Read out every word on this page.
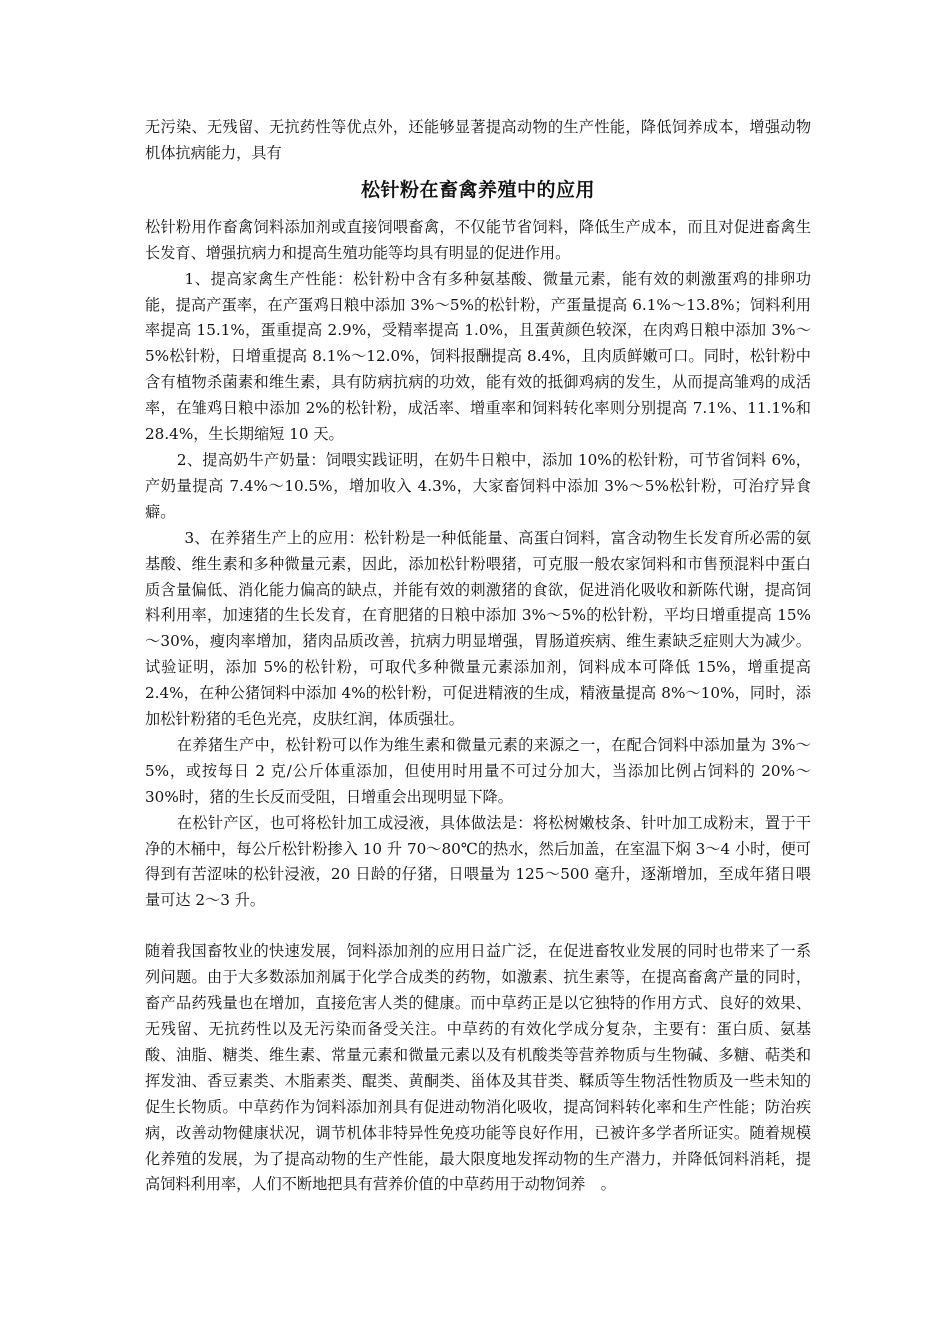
无污染、无残留、无抗药性等优点外，还能够显著提高动物的生产性能，降低饲养成本，增强动物机体抗病能力，具有

松针粉在畜禽养殖中的应用

松针粉用作畜禽饲料添加剂或直接饲喂畜禽，不仅能节省饲料，降低生产成本，而且对促进畜禽生长发育、增强抗病力和提高生殖功能等均具有明显的促进作用。

1、提高家禽生产性能：松针粉中含有多种氨基酸、微量元素，能有效的刺激蛋鸡的排卵功能，提高产蛋率，在产蛋鸡日粮中添加 3%～5%的松针粉，产蛋量提高 6.1%～13.8%；饲料利用率提高 15.1%，蛋重提高 2.9%，受精率提高 1.0%，且蛋黄颜色较深，在肉鸡日粮中添加 3%～5%松针粉，日增重提高 8.1%～12.0%，饲料报酬提高 8.4%，且肉质鲜嫩可口。同时，松针粉中含有植物杀菌素和维生素，具有防病抗病的功效，能有效的抵御鸡病的发生，从而提高雏鸡的成活率，在雏鸡日粮中添加 2%的松针粉，成活率、增重率和饲料转化率则分别提高 7.1%、11.1%和 28.4%，生长期缩短 10 天。

2、提高奶牛产奶量：饲喂实践证明，在奶牛日粮中，添加 10%的松针粉，可节省饲料 6%，产奶量提高 7.4%～10.5%，增加收入 4.3%，大家畜饲料中添加 3%～5%松针粉，可治疗异食癖。

3、在养猪生产上的应用：松针粉是一种低能量、高蛋白饲料，富含动物生长发育所必需的氨基酸、维生素和多种微量元素，因此，添加松针粉喂猪，可克服一般农家饲料和市售预混料中蛋白质含量偏低、消化能力偏高的缺点，并能有效的刺激猪的食欲，促进消化吸收和新陈代谢，提高饲料利用率，加速猪的生长发育，在育肥猪的日粮中添加 3%～5%的松针粉，平均日增重提高 15%～30%，瘦肉率增加，猪肉品质改善，抗病力明显增强，胃肠道疾病、维生素缺乏症则大为减少。试验证明，添加 5%的松针粉，可取代多种微量元素添加剂，饲料成本可降低 15%，增重提高 2.4%，在种公猪饲料中添加 4%的松针粉，可促进精液的生成，精液量提高 8%～10%，同时，添加松针粉猪的毛色光亮，皮肤红润，体质强壮。

在养猪生产中，松针粉可以作为维生素和微量元素的来源之一，在配合饲料中添加量为 3%～5%，或按每日 2 克/公斤体重添加，但使用时用量不可过分加大，当添加比例占饲料的 20%～30%时，猪的生长反而受阻，日增重会出现明显下降。

在松针产区，也可将松针加工成浸液，具体做法是：将松树嫩枝条、针叶加工成粉末，置于干净的木桶中，每公斤松针粉掺入 10 升 70～80℃的热水，然后加盖，在室温下焖 3～4 小时，便可得到有苦涩味的松针浸液，20 日龄的仔猪，日喂量为 125～500 毫升，逐渐增加，至成年猪日喂量可达 2～3 升。

随着我国畜牧业的快速发展，饲料添加剂的应用日益广泛，在促进畜牧业发展的同时也带来了一系列问题。由于大多数添加剂属于化学合成类的药物，如激素、抗生素等，在提高畜禽产量的同时，畜产品药残量也在增加，直接危害人类的健康。而中草药正是以它独特的作用方式、良好的效果、无残留、无抗药性以及无污染而备受关注。中草药的有效化学成分复杂，主要有：蛋白质、氨基酸、油脂、糖类、维生素、常量元素和微量元素以及有机酸类等营养物质与生物碱、多糖、萜类和挥发油、香豆素类、木脂素类、醌类、黄酮类、甾体及其苷类、鞣质等生物活性物质及一些未知的促生长物质。中草药作为饲料添加剂具有促进动物消化吸收，提高饲料转化率和生产性能；防治疾病，改善动物健康状况，调节机体非特异性免疫功能等良好作用，已被许多学者所证实。随着规模化养殖的发展，为了提高动物的生产性能，最大限度地发挥动物的生产潜力，并降低饲料消耗，提高饲料利用率，人们不断地把具有营养价值的中草药用于动物饲养　。
